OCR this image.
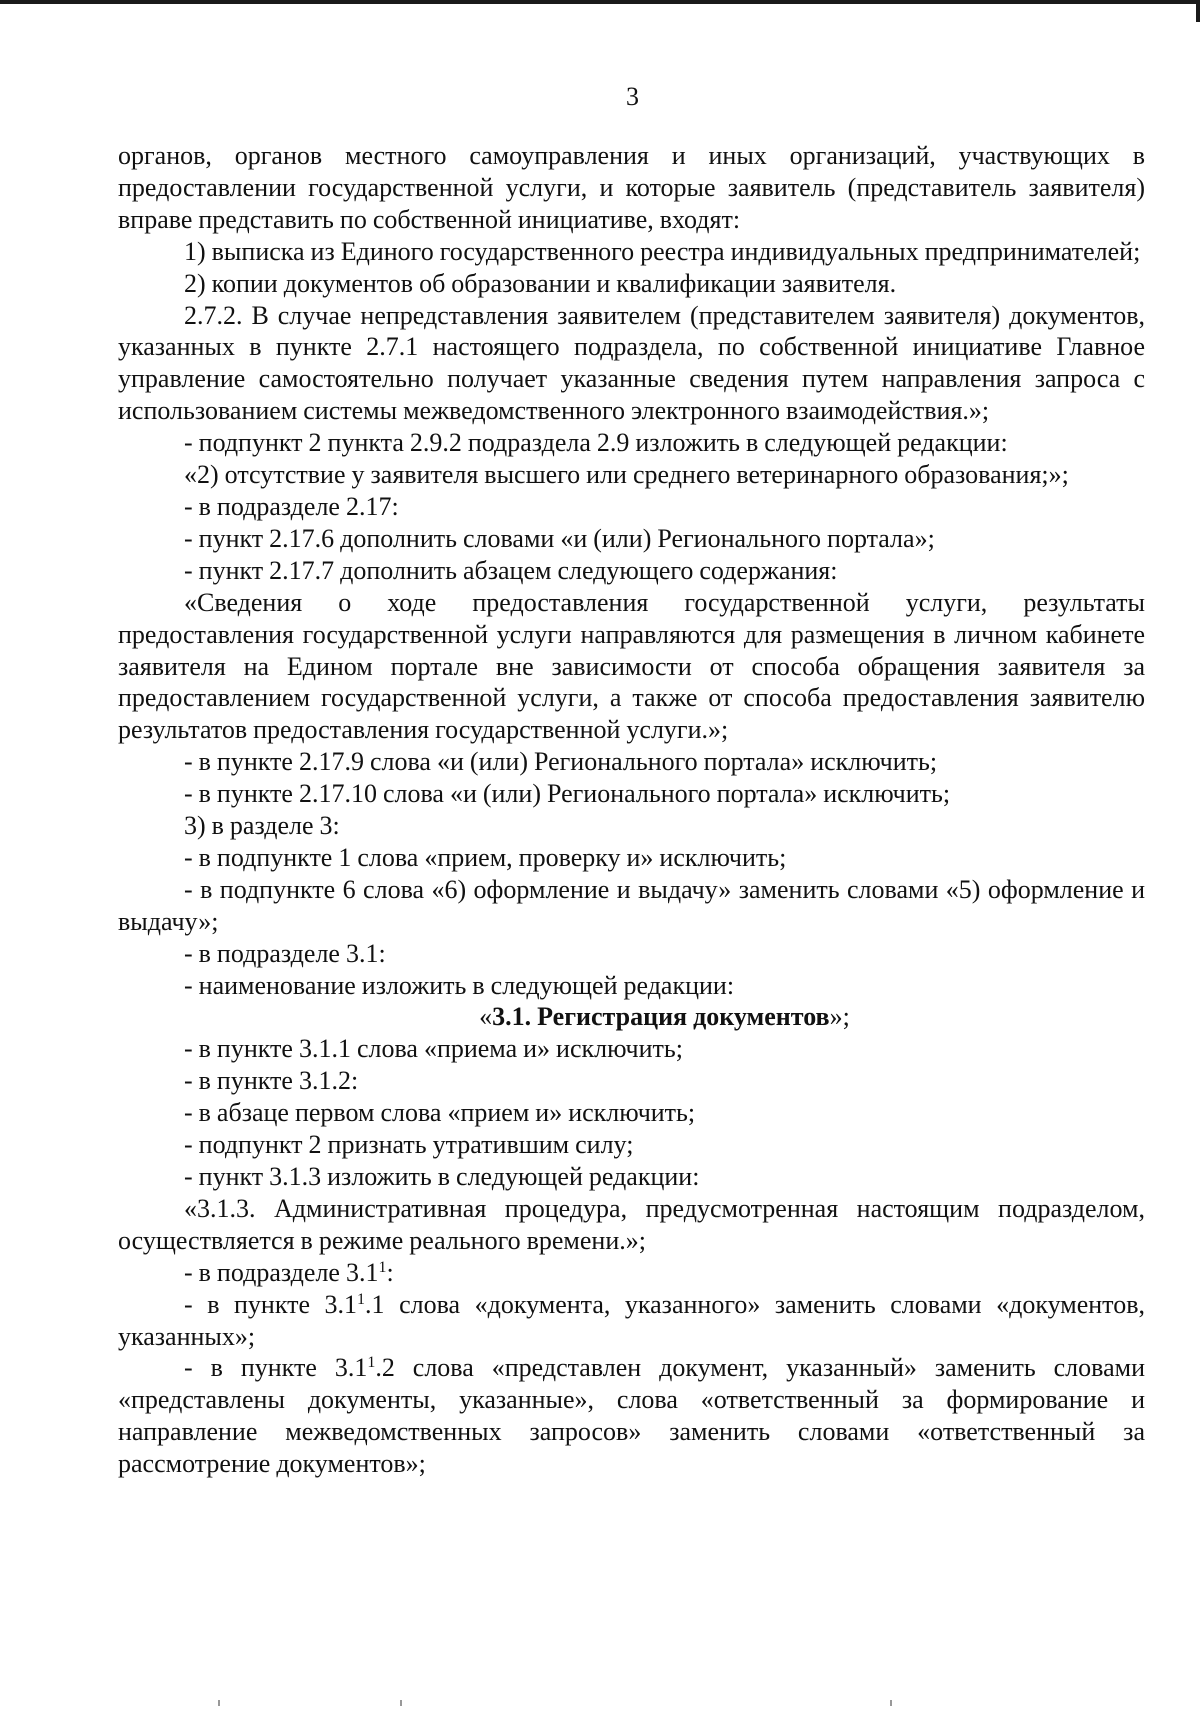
3

органов, органов местного самоуправления и иных организаций, участвующих в предоставлении государственной услуги, и которые заявитель (представитель заявителя) вправе представить по собственной инициативе, входят:

1) выписка из Единого государственного реестра индивидуальных предпринимателей;

2) копии документов об образовании и квалификации заявителя.

2.7.2. В случае непредставления заявителем (представителем заявителя) документов, указанных в пункте 2.7.1 настоящего подраздела, по собственной инициативе Главное управление самостоятельно получает указанные сведения путем направления запроса с использованием системы межведомственного электронного взаимодействия.»;

- подпункт 2 пункта 2.9.2 подраздела 2.9 изложить в следующей редакции:

«2) отсутствие у заявителя высшего или среднего ветеринарного образования;»;

- в подразделе 2.17:

- пункт 2.17.6 дополнить словами «и (или) Регионального портала»;

- пункт 2.17.7 дополнить абзацем следующего содержания:

«Сведения о ходе предоставления государственной услуги, результаты предоставления государственной услуги направляются для размещения в личном кабинете заявителя на Едином портале вне зависимости от способа обращения заявителя за предоставлением государственной услуги, а также от способа предоставления заявителю результатов предоставления государственной услуги.»;

- в пункте 2.17.9 слова «и (или) Регионального портала» исключить;

- в пункте 2.17.10 слова «и (или) Регионального портала» исключить;

3) в разделе 3:

- в подпункте 1 слова «прием, проверку и» исключить;

- в подпункте 6 слова «6) оформление и выдачу» заменить словами «5) оформление и выдачу»;

- в подразделе 3.1:

- наименование изложить в следующей редакции:

«3.1. Регистрация документов»;

- в пункте 3.1.1 слова «приема и» исключить;

- в пункте 3.1.2:

- в абзаце первом слова «прием и» исключить;

- подпункт 2 признать утратившим силу;

- пункт 3.1.3 изложить в следующей редакции:

«3.1.3. Административная процедура, предусмотренная настоящим подразделом, осуществляется в режиме реального времени.»;

- в подразделе $3.1^1$:

- в пункте $3.1^1.1$ слова «документа, указанного» заменить словами «документов, указанных»;

- в пункте $3.1^1.2$ слова «представлен документ, указанный» заменить словами «представлены документы, указанные», слова «ответственный за формирование и направление межведомственных запросов» заменить словами «ответственный за рассмотрение документов»;
